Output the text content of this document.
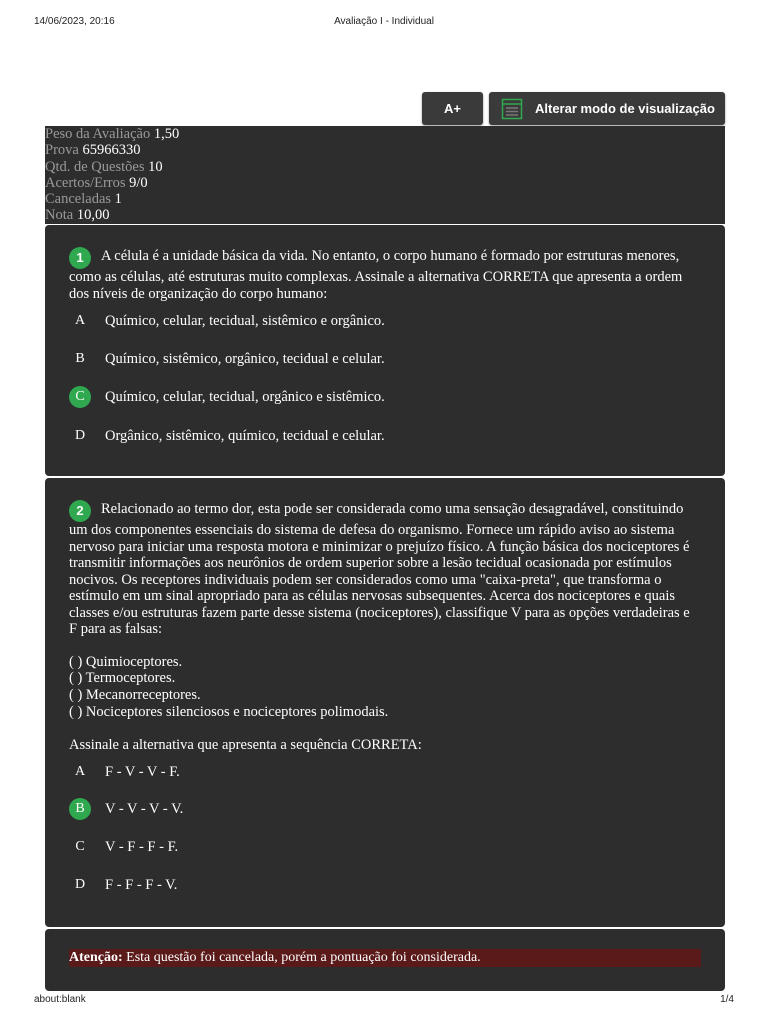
14/06/2023, 20:16	Avaliação I - Individual
A+	Alterar modo de visualização
Peso da Avaliação 1,50
Prova 65966330
Qtd. de Questões 10
Acertos/Erros 9/0
Canceladas 1
Nota 10,00
1 A célula é a unidade básica da vida. No entanto, o corpo humano é formado por estruturas menores, como as células, até estruturas muito complexas. Assinale a alternativa CORRETA que apresenta a ordem dos níveis de organização do corpo humano:
A	Químico, celular, tecidual, sistêmico e orgânico.
B	Químico, sistêmico, orgânico, tecidual e celular.
C	Químico, celular, tecidual, orgânico e sistêmico.
D	Orgânico, sistêmico, químico, tecidual e celular.
2 Relacionado ao termo dor, esta pode ser considerada como uma sensação desagradável, constituindo um dos componentes essenciais do sistema de defesa do organismo. Fornece um rápido aviso ao sistema nervoso para iniciar uma resposta motora e minimizar o prejuízo físico. A função básica dos nociceptores é transmitir informações aos neurônios de ordem superior sobre a lesão tecidual ocasionada por estímulos nocivos. Os receptores individuais podem ser considerados como uma "caixa-preta", que transforma o estímulo em um sinal apropriado para as células nervosas subsequentes. Acerca dos nociceptores e quais classes e/ou estruturas fazem parte desse sistema (nociceptores), classifique V para as opções verdadeiras e F para as falsas:
( ) Quimioceptores.
( ) Termoceptores.
( ) Mecanorreceptores.
( ) Nociceptores silenciosos e nociceptores polimodais.
Assinale a alternativa que apresenta a sequência CORRETA:
A	F - V - V - F.
B	V - V - V - V.
C	V - F - F - F.
D	F - F - F - V.
Atenção: Esta questão foi cancelada, porém a pontuação foi considerada.
about:blank	1/4
